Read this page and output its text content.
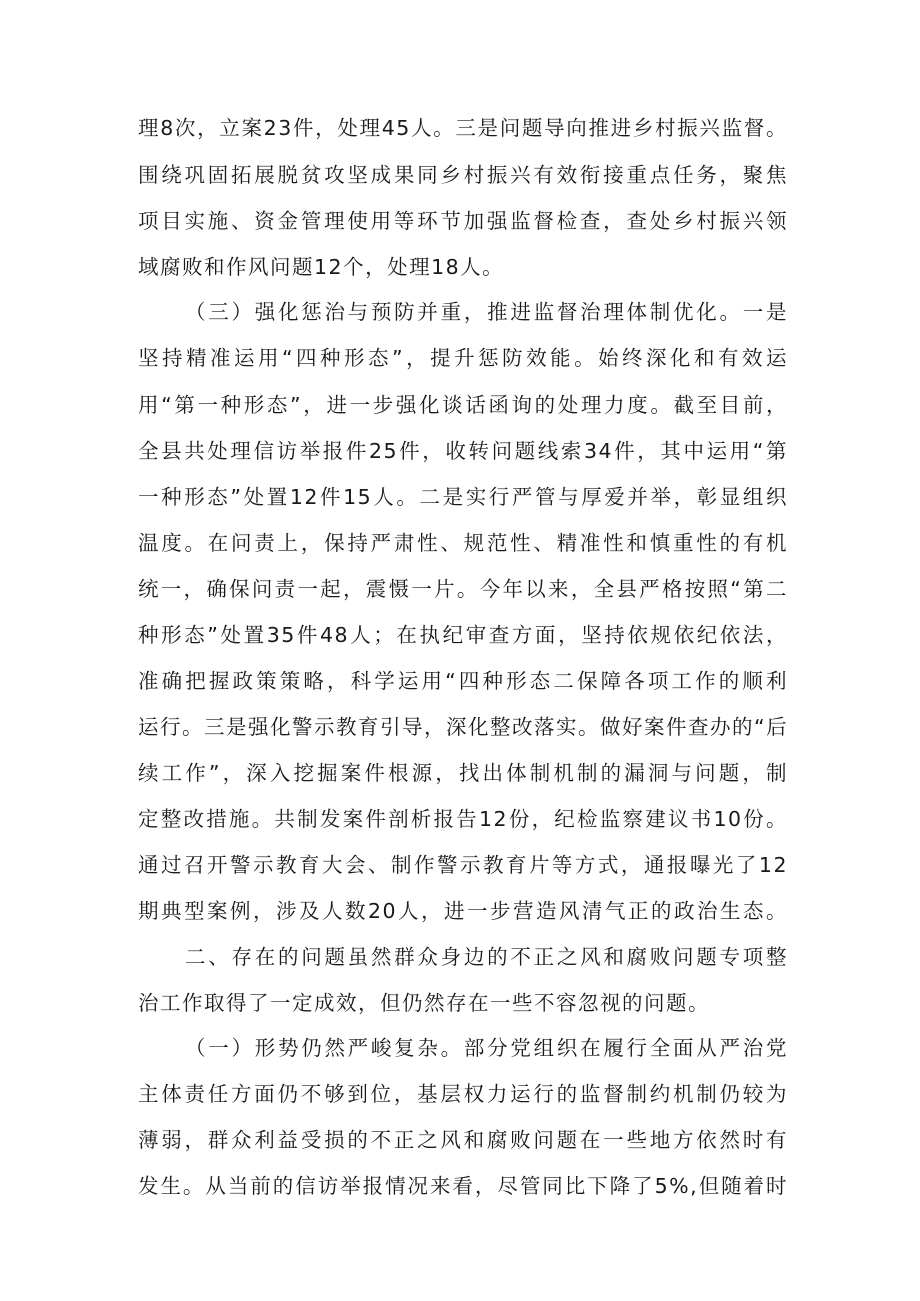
理8次，立案23件，处理45人。三是问题导向推进乡村振兴监督。
围绕巩固拓展脱贫攻坚成果同乡村振兴有效衔接重点任务，聚焦
项目实施、资金管理使用等环节加强监督检查，查处乡村振兴领
域腐败和作风问题12个，处理18人。
（三）强化惩治与预防并重，推进监督治理体制优化。一是
坚持精准运用“四种形态”，提升惩防效能。始终深化和有效运
用“第一种形态”，进一步强化谈话函询的处理力度。截至目前，
全县共处理信访举报件25件，收转问题线索34件，其中运用“第
一种形态”处置12件15人。二是实行严管与厚爱并举，彰显组织
温度。在问责上，保持严肃性、规范性、精准性和慎重性的有机
统一，确保问责一起，震慑一片。今年以来，全县严格按照“第二
种形态”处置35件48人；在执纪审查方面，坚持依规依纪依法，
准确把握政策策略，科学运用“四种形态二保障各项工作的顺利
运行。三是强化警示教育引导，深化整改落实。做好案件查办的“后
续工作”，深入挖掘案件根源，找出体制机制的漏洞与问题，制
定整改措施。共制发案件剖析报告12份，纪检监察建议书10份。
通过召开警示教育大会、制作警示教育片等方式，通报曝光了12
期典型案例，涉及人数20人，进一步营造风清气正的政治生态。
二、存在的问题虽然群众身边的不正之风和腐败问题专项整
治工作取得了一定成效，但仍然存在一些不容忽视的问题。
（一）形势仍然严峻复杂。部分党组织在履行全面从严治党
主体责任方面仍不够到位，基层权力运行的监督制约机制仍较为
薄弱，群众利益受损的不正之风和腐败问题在一些地方依然时有
发生。从当前的信访举报情况来看，尽管同比下降了5%,但随着时
